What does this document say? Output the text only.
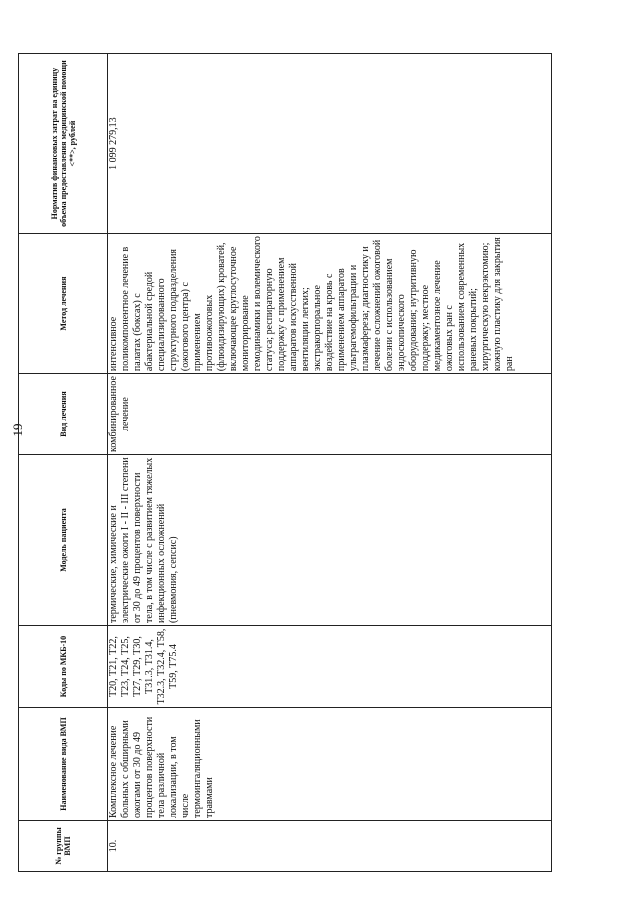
19
№ группы ВМП	Наименование вида ВМП	Коды по МКБ-10	Модель пациента	Вид лечения	Метод лечения	Норматив финансовых затрат на единицу объема предоставления медицинской помощи <**>, рублей
10.	Комплексное лечение больных с обширными ожогами от 30 до 49 процентов поверхности тела различной локализации, в том числе термоингаляционными травмами	Т20, Т21, Т22, Т23, Т24, Т25, Т27, Т29, Т30, Т31.3, Т31.4, Т32.3, Т32.4, Т58, Т59, Т75.4	термические, химические и электрические ожоги I - II - III степени от 30 до 49 процентов поверхности тела, в том числе с развитием тяжелых инфекционных осложнений (пневмония, сепсис)	комбинированное лечение	интенсивное поликомпонентное лечение в палатах (боксах) с абактериальной средой специализированного структурного подразделения (ожогового центра) с применением противоожоговых (флюидизирующих) кроватей, включающее круглосуточное мониторирование гемодинамики и волемического статуса; респираторную поддержку с применением аппаратов искусственной вентиляции легких; экстракорпоральное воздействие на кровь с применением аппаратов ультрагемофильтрации и плазмафереза; диагностику и лечение осложнений ожоговой болезни с использованием эндоскопического оборудования; нутритивную поддержку; местное медикаментозное лечение ожоговых ран с использованием современных раневых покрытий; хирургическую некрэктомию; кожную пластику для закрытия ран	1 099 279,13
